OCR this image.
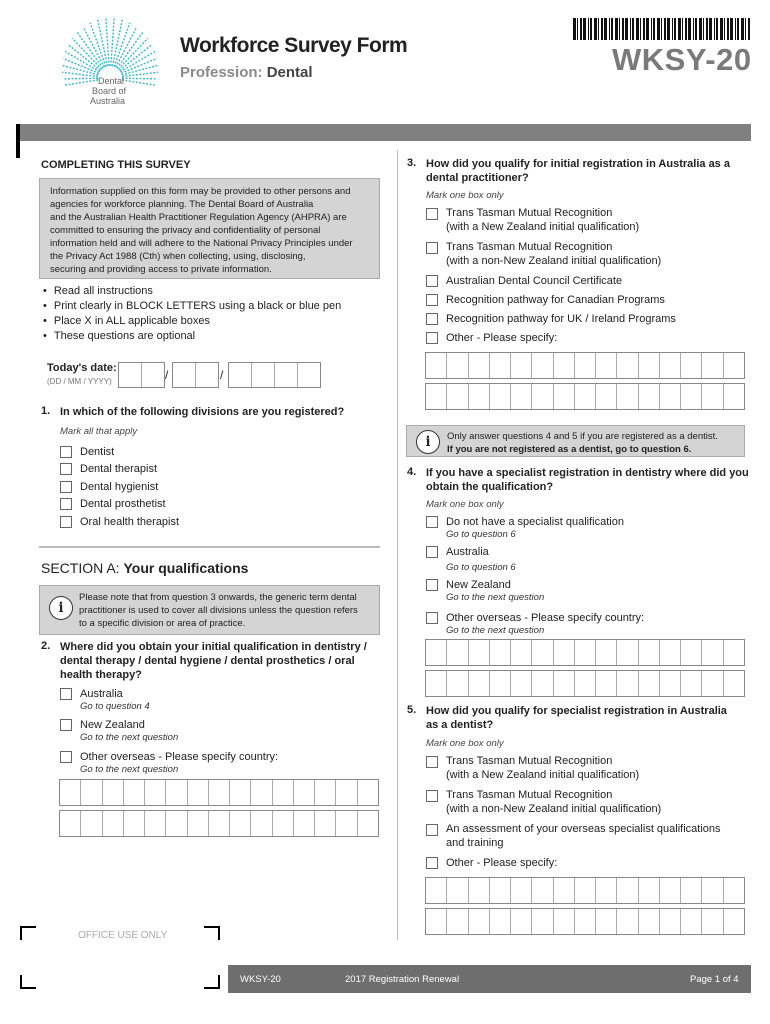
Dental
Board of
Australia
Workforce Survey Form
Profession: Dental	WKSY-20
COMPLETING THIS SURVEY
Information supplied on this form may be provided to other persons and
agencies for workforce planning. The Dental Board of Australia
and the Australian Health Practitioner Regulation Agency (AHPRA) are
committed to ensuring the privacy and confidentiality of personal
information held and will adhere to the National Privacy Principles under
the Privacy Act 1988 (Cth) when collecting, using, disclosing,
securing and providing access to private information.
• Read all instructions
• Print clearly in BLOCK LETTERS using a black or blue pen
• Place X in ALL applicable boxes
• These questions are optional
Today's date:
(DD / MM / YYYY)	/	/
1. In which of the following divisions are you registered?
Mark all that apply
Dentist
Dental therapist
Dental hygienist
Dental prosthetist
Oral health therapist
SECTION A: Your qualifications
i
Please note that from question 3 onwards, the generic term dental
practitioner is used to cover all divisions unless the question refers
to a specific division or area of practice.
2. Where did you obtain your initial qualification in dentistry /
dental therapy / dental hygiene / dental prosthetics / oral
health therapy?
Australia
Go to question 4
New Zealand
Go to the next question
Other overseas - Please specify country:
Go to the next question
OFFICE USE ONLY
3. How did you qualify for initial registration in Australia as a
dental practitioner?
Mark one box only
Trans Tasman Mutual Recognition
(with a New Zealand initial qualification)
Trans Tasman Mutual Recognition
(with a non-New Zealand initial qualification)
Australian Dental Council Certificate
Recognition pathway for Canadian Programs
Recognition pathway for UK / Ireland Programs
Other - Please specify:
i	Only answer questions 4 and 5 if you are registered as a dentist.
If you are not registered as a dentist, go to question 6.
4. If you have a specialist registration in dentistry where did you
obtain the qualification?
Mark one box only
Do not have a specialist qualification
Go to question 6
Australia
Go to question 6
New Zealand
Go to the next question
Other overseas - Please specify country:
Go to the next question
5. How did you qualify for specialist registration in Australia
as a dentist?
Mark one box only
Trans Tasman Mutual Recognition
(with a New Zealand initial qualification)
Trans Tasman Mutual Recognition
(with a non-New Zealand initial qualification)
An assessment of your overseas specialist qualifications
and training
Other - Please specify:
WKSY-20	2017 Registration Renewal	Page 1 of 4
